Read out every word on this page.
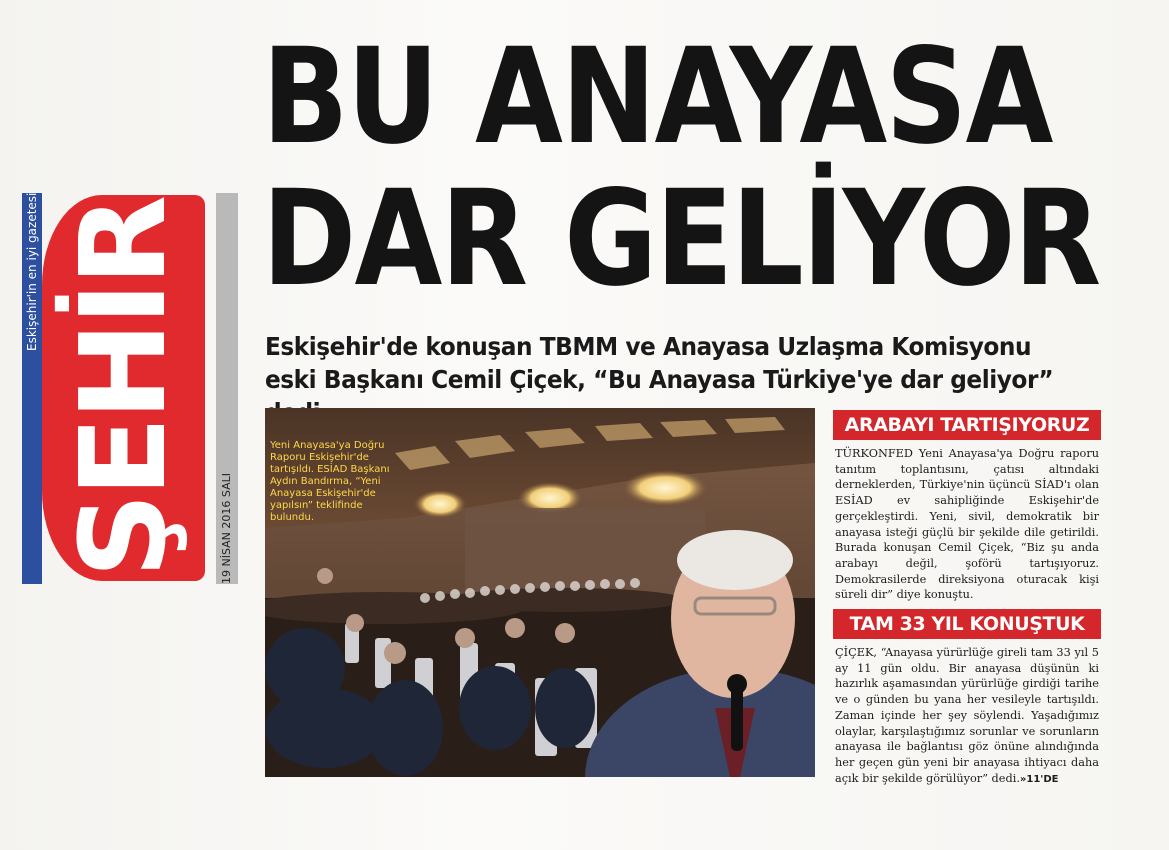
Eskişehir'in en iyi gazetesi ŞEHİR	19 NİSAN 2016 SALI
BU ANAYASA
DAR GELİYOR
Eskişehir'de konuşan TBMM ve Anayasa Uzlaşma Komisyonu eski Başkanı Cemil Çiçek, “Bu Anayasa Türkiye'ye dar geliyor”
Yeni Anayasa'ya Doğru Raporu Eskişehir'de tartışıldı. ESİAD Başkanı Aydın Bandırma, “Yeni Anayasa Eskişehir'de yapılsın” teklifinde bulundu.
ARABAYI TARTIŞIYORUZ

TÜRKONFED Yeni Anayasa'ya Doğru raporu tanıtım toplantısını, çatısı altındaki derneklerden, Türkiye'nin üçüncü SİAD'ı olan ESİAD ev sahipliğinde Eskişehir'de gerçekleştirdi. Yeni, sivil, demokratik bir anayasa isteği güçlü bir şekilde dile getirildi. Burada konuşan Cemil Çiçek, “Biz şu anda arabayı değil, şoförü tartışıyoruz. Demokrasilerde direksiyona oturacak kişi süreli dir” diye konuştu.

TAM 33 YIL KONUŞTUK

ÇİÇEK, “Anayasa yürürlüğe gireli tam 33 yıl 5 ay 11 gün oldu. Bir anayasa düşünün ki hazırlık aşamasından yürürlüğe girdiği tarihe ve o günden bu yana her vesileyle tartışıldı. Zaman içinde her şey söylendi. Yaşadığımız olaylar, karşılaştığımız sorunlar ve sorunların anayasa ile bağlantısı göz önüne alındığında her geçen gün yeni bir anayasa ihtiyacı daha açık bir şekilde görülüyor” dedi.»11'DE
